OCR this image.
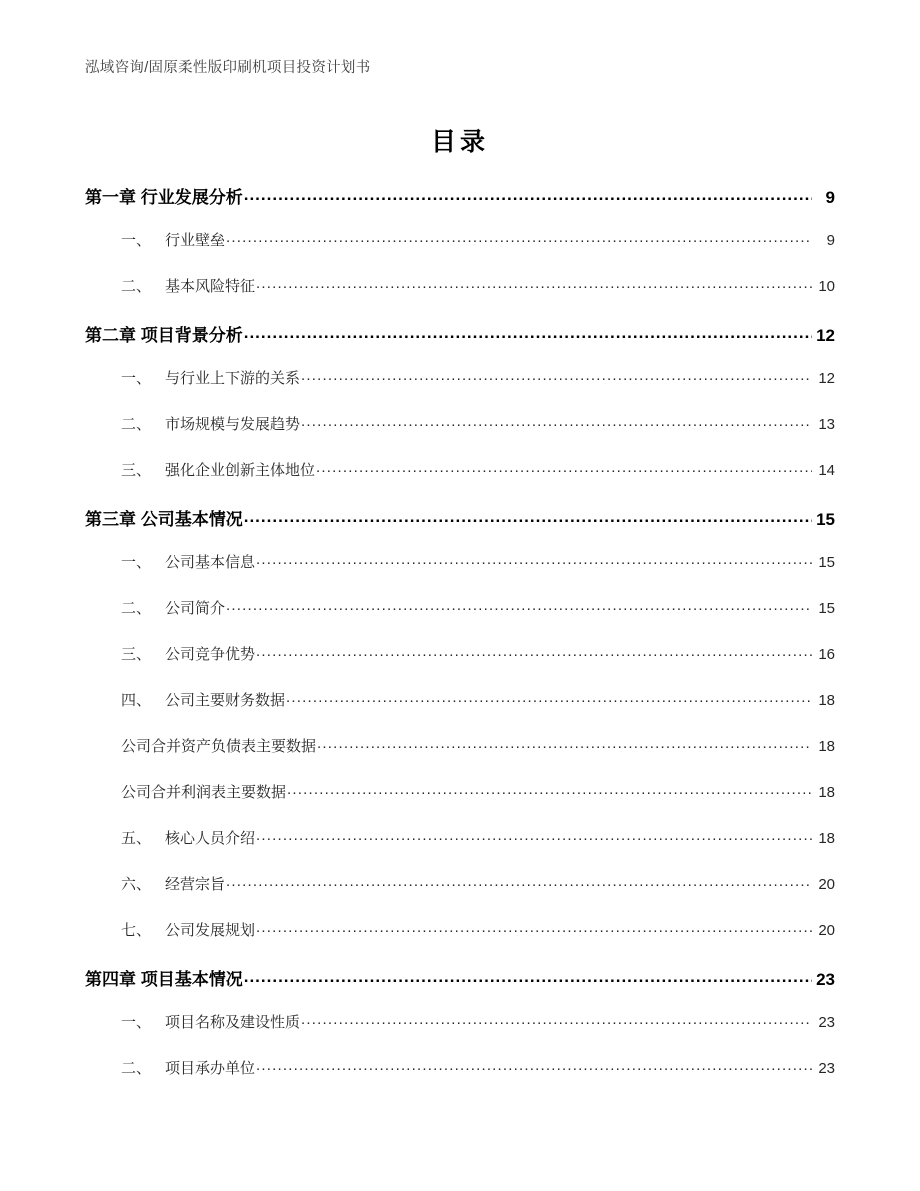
泓域咨询/固原柔性版印刷机项目投资计划书
目录
第一章 行业发展分析 .....	9
一、 行业壁垒 .....	9
二、 基本风险特征 .....	10
第二章 项目背景分析 .....	12
一、 与行业上下游的关系 .....	12
二、 市场规模与发展趋势 .....	13
三、 强化企业创新主体地位 .....	14
第三章 公司基本情况 .....	15
一、 公司基本信息 .....	15
二、 公司简介 .....	15
三、 公司竞争优势 .....	16
四、 公司主要财务数据 .....	18
公司合并资产负债表主要数据 .....	18
公司合并利润表主要数据 .....	18
五、 核心人员介绍 .....	18
六、 经营宗旨 .....	20
七、 公司发展规划 .....	20
第四章 项目基本情况 .....	23
一、 项目名称及建设性质 .....	23
二、 项目承办单位 .....	23
